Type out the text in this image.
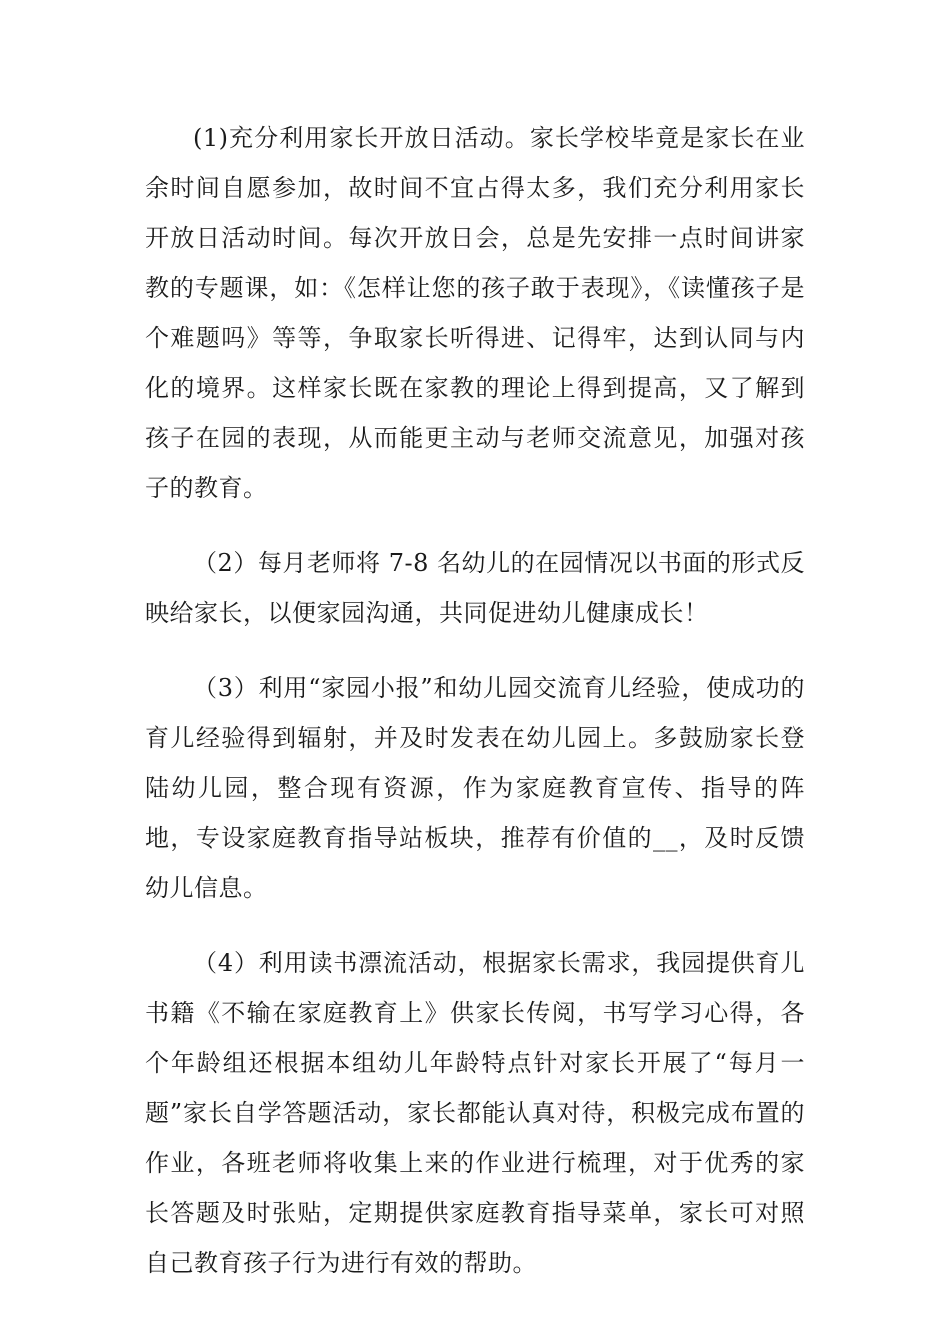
(1)充分利用家长开放日活动。家长学校毕竟是家长在业余时间自愿参加，故时间不宜占得太多，我们充分利用家长开放日活动时间。每次开放日会，总是先安排一点时间讲家教的专题课，如：《怎样让您的孩子敢于表现》，《读懂孩子是个难题吗》等等，争取家长听得进、记得牢，达到认同与内化的境界。这样家长既在家教的理论上得到提高，又了解到孩子在园的表现，从而能更主动与老师交流意见，加强对孩子的教育。

（2）每月老师将 7-8 名幼儿的在园情况以书面的形式反映给家长，以便家园沟通，共同促进幼儿健康成长！

（3）利用“家园小报”和幼儿园交流育儿经验，使成功的育儿经验得到辐射，并及时发表在幼儿园上。多鼓励家长登陆幼儿园，整合现有资源，作为家庭教育宣传、指导的阵地，专设家庭教育指导站板块，推荐有价值的__，及时反馈幼儿信息。

（4）利用读书漂流活动，根据家长需求，我园提供育儿书籍《不输在家庭教育上》供家长传阅，书写学习心得，各个年龄组还根据本组幼儿年龄特点针对家长开展了“每月一题”家长自学答题活动，家长都能认真对待，积极完成布置的作业，各班老师将收集上来的作业进行梳理，对于优秀的家长答题及时张贴，定期提供家庭教育指导菜单，家长可对照自己教育孩子行为进行有效的帮助。
